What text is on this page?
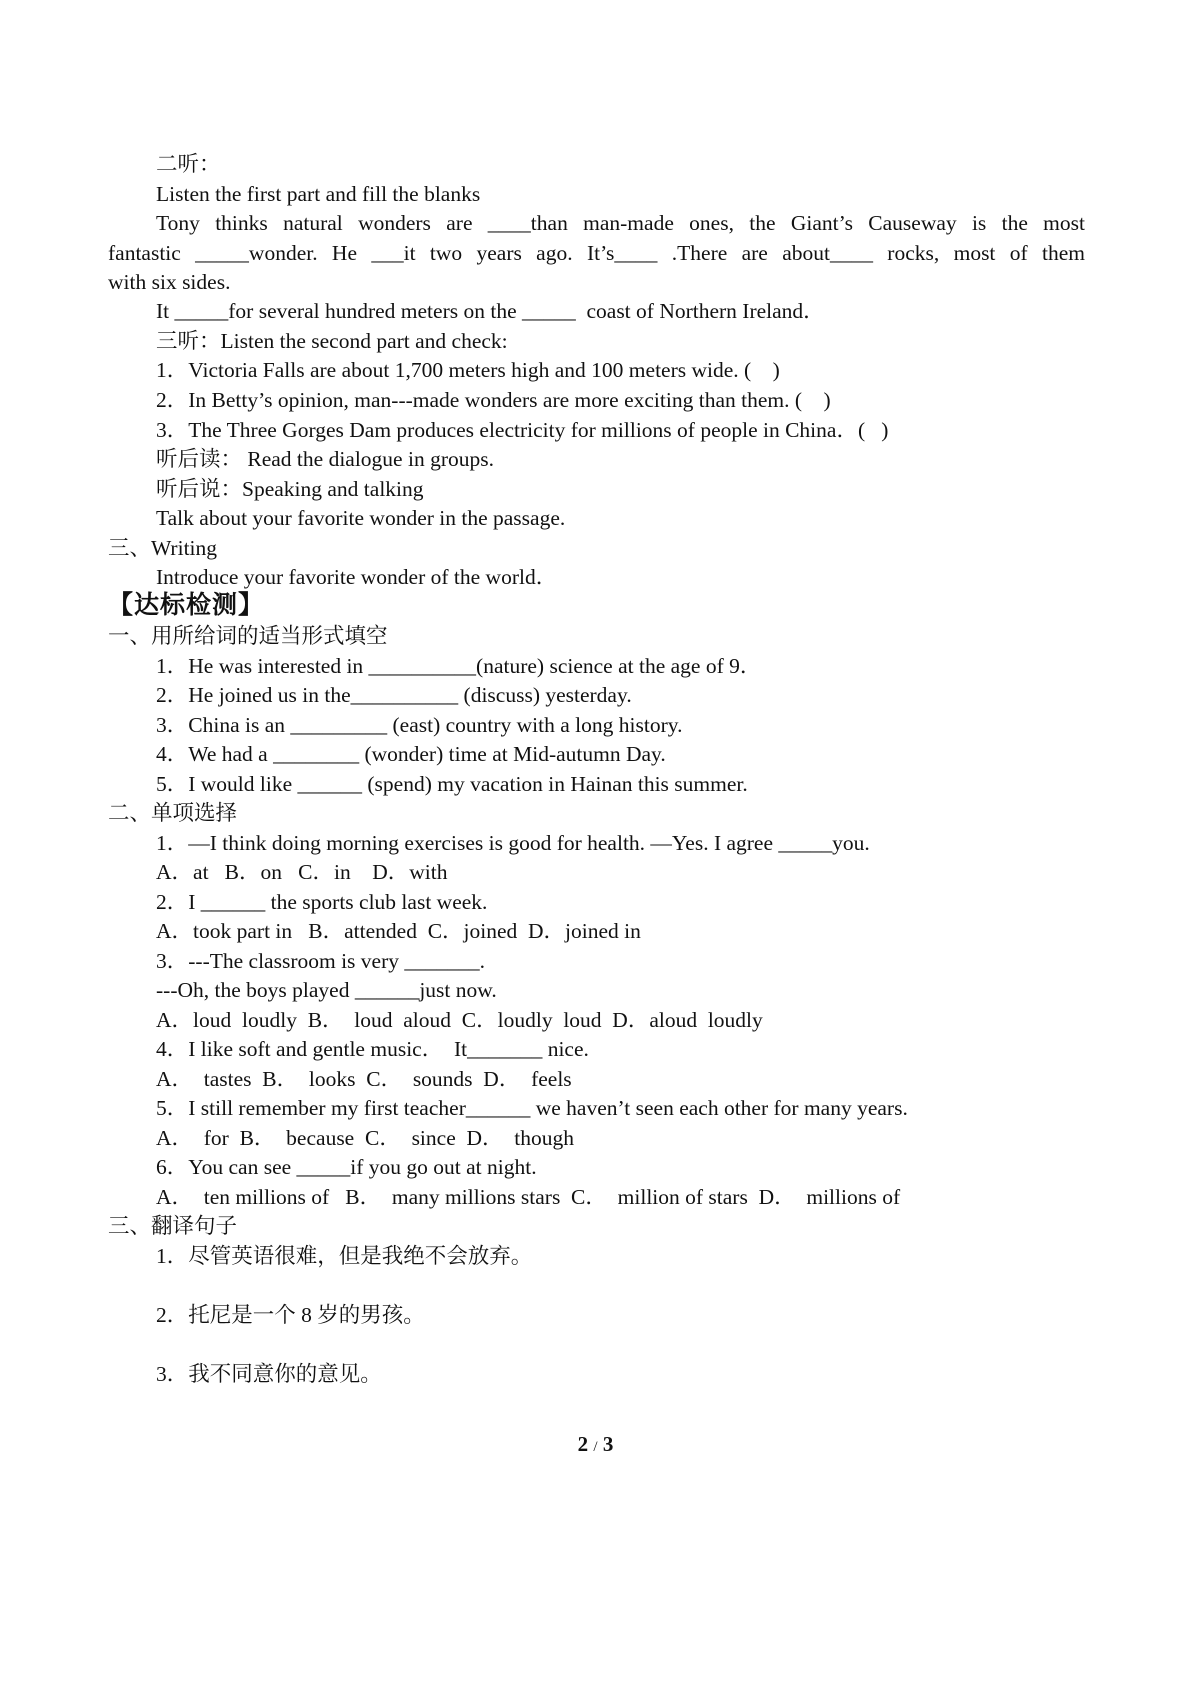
二听：
Listen the first part and fill the blanks
Tony thinks natural wonders are ____than man-made ones, the Giant’s Causeway is the most
fantastic _____wonder. He ___it two years ago. It’s____ .There are about____ rocks, most of them
with six sides.
It _____for several hundred meters on the _____  coast of Northern Ireland．
三听：Listen the second part and check:
1．Victoria Falls are about 1,700 meters high and 100 meters wide. (    )
2．In Betty’s opinion, man---made wonders are more exciting than them. (    )
3．The Three Gorges Dam produces electricity for millions of people in China．(   )
听后读： Read the dialogue in groups.
听后说：Speaking and talking
Talk about your favorite wonder in the passage.
三、Writing
Introduce your favorite wonder of the world．
【达标检测】
一、用所给词的适当形式填空
1．He was interested in __________(nature) science at the age of 9．
2．He joined us in the__________ (discuss) yesterday.
3．China is an _________ (east) country with a long history.
4．We had a ________ (wonder) time at Mid-autumn Day.
5．I would like ______ (spend) my vacation in Hainan this summer.
二、单项选择
1．—I think doing morning exercises is good for health. —Yes. I agree _____you.
A．at   B．on   C．in    D．with
2．I ______ the sports club last week.
A．took part in   B．attended  C．joined  D．joined in
3．---The classroom is very _______.
---Oh, the boys played ______just now.
A．loud  loudly  B．  loud  aloud  C．loudly  loud  D．aloud  loudly
4．I like soft and gentle music．  It_______ nice.
A．  tastes  B．  looks  C．  sounds  D．  feels
5．I still remember my first teacher______ we haven’t seen each other for many years.
A．  for  B．  because  C．  since  D．  though
6．You can see _____if you go out at night.
A．  ten millions of   B．  many millions stars  C．  million of stars  D．  millions of
三、翻译句子
1．尽管英语很难，但是我绝不会放弃。
2．托尼是一个 8 岁的男孩。
3．我不同意你的意见。
2 / 3
